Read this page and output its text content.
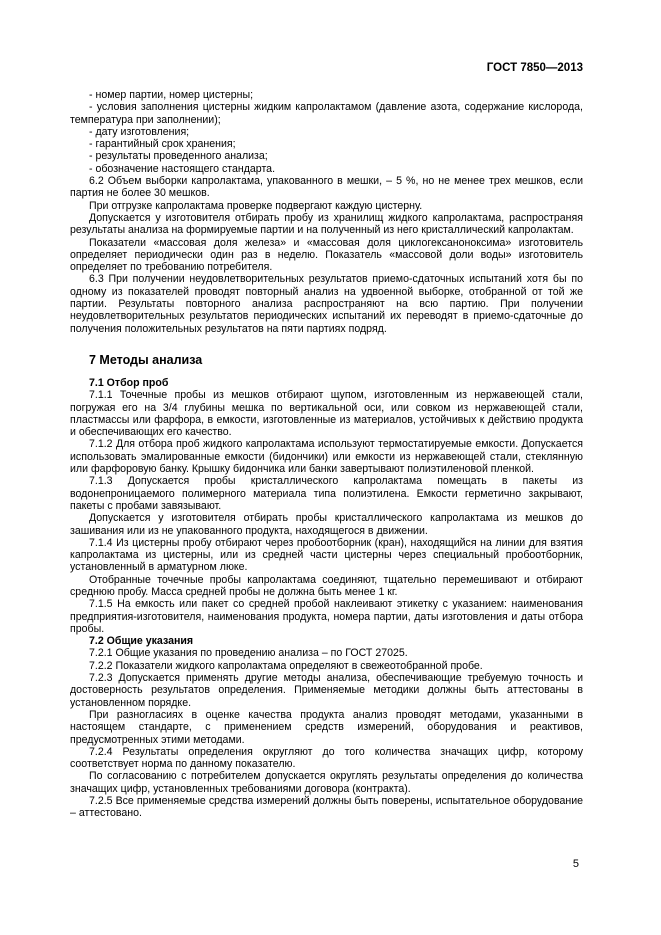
ГОСТ 7850—2013

- номер партии, номер цистерны;

- условия заполнения цистерны жидким капролактамом (давление азота, содержание кислорода, температура при заполнении);

- дату изготовления;

- гарантийный срок хранения;

- результаты проведенного анализа;

- обозначение настоящего стандарта.

6.2 Объем выборки капролактама, упакованного в мешки, – 5 %, но не менее трех мешков, если партия не более 30 мешков.

При отгрузке капролактама проверке подвергают каждую цистерну.

Допускается у изготовителя отбирать пробу из хранилищ жидкого капролактама, распространяя результаты анализа на формируемые партии и на полученный из него кристаллический капролактам.

Показатели «массовая доля железа» и «массовая доля циклогексаноноксима» изготовитель определяет периодически один раз в неделю. Показатель «массовой доли воды» изготовитель определяет по требованию потребителя.

6.3 При получении неудовлетворительных результатов приемо-сдаточных испытаний хотя бы по одному из показателей проводят повторный анализ на удвоенной выборке, отобранной от той же партии. Результаты повторного анализа распространяют на всю партию. При получении неудовлетворительных результатов периодических испытаний их переводят в приемо-сдаточные до получения положительных результатов на пяти партиях подряд.

7 Методы анализа
7.1 Отбор проб

7.1.1 Точечные пробы из мешков отбирают щупом, изготовленным из нержавеющей стали, погружая его на 3/4 глубины мешка по вертикальной оси, или совком из нержавеющей стали, пластмассы или фарфора, в емкости, изготовленные из материалов, устойчивых к действию продукта и обеспечивающих его качество.

7.1.2 Для отбора проб жидкого капролактама используют термостатируемые емкости. Допускается использовать эмалированные емкости (бидончики) или емкости из нержавеющей стали, стеклянную или фарфоровую банку. Крышку бидончика или банки завертывают полиэтиленовой пленкой.

7.1.3 Допускается пробы кристаллического капролактама помещать в пакеты из водонепроницаемого полимерного материала типа полиэтилена. Емкости герметично закрывают, пакеты с пробами завязывают.

Допускается у изготовителя отбирать пробы кристаллического капролактама из мешков до зашивания или из не упакованного продукта, находящегося в движении.

7.1.4 Из цистерны пробу отбирают через пробоотборник (кран), находящийся на линии для взятия капролактама из цистерны, или из средней части цистерны через специальный пробоотборник, установленный в арматурном люке.

Отобранные точечные пробы капролактама соединяют, тщательно перемешивают и отбирают среднюю пробу. Масса средней пробы не должна быть менее 1 кг.

7.1.5 На емкость или пакет со средней пробой наклеивают этикетку с указанием: наименования предприятия-изготовителя, наименования продукта, номера партии, даты изготовления и даты отбора пробы.

7.2 Общие указания

7.2.1 Общие указания по проведению анализа – по ГОСТ 27025.

7.2.2 Показатели жидкого капролактама определяют в свежеотобранной пробе.

7.2.3 Допускается применять другие методы анализа, обеспечивающие требуемую точность и достоверность результатов определения. Применяемые методики должны быть аттестованы в установленном порядке.

При разногласиях в оценке качества продукта анализ проводят методами, указанными в настоящем стандарте, с применением средств измерений, оборудования и реактивов, предусмотренных этими методами.

7.2.4 Результаты определения округляют до того количества значащих цифр, которому соответствует норма по данному показателю.

По согласованию с потребителем допускается округлять результаты определения до количества значащих цифр, установленных требованиями договора (контракта).

7.2.5 Все применяемые средства измерений должны быть поверены, испытательное оборудование – аттестовано.

5
